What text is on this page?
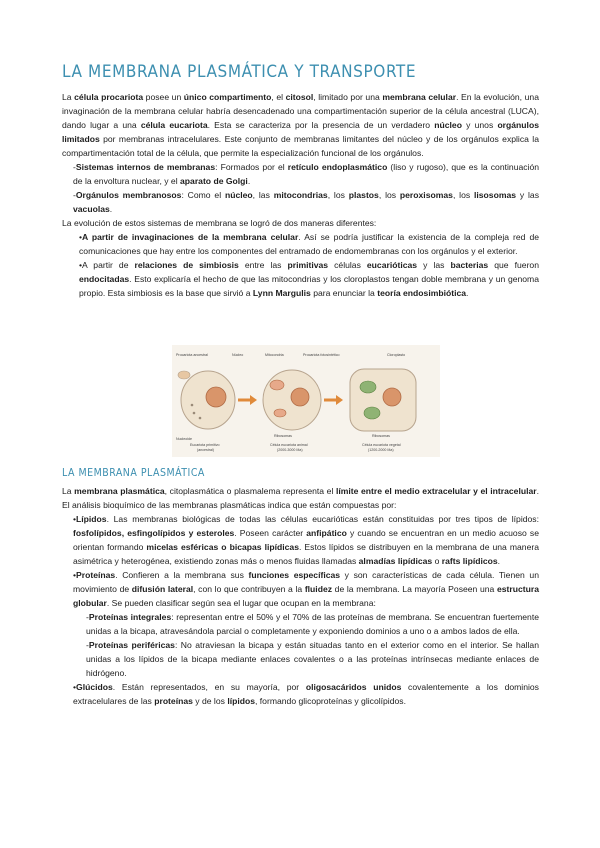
LA MEMBRANA PLASMÁTICA Y TRANSPORTE

La célula procariota posee un único compartimento, el citosol, limitado por una membrana celular. En la evolución, una invaginación de la membrana celular habría desencadenado una compartimentación superior de la célula ancestral (LUCA), dando lugar a una célula eucariota. Esta se caracteriza por la presencia de un verdadero núcleo y unos orgánulos limitados por membranas intracelulares. Este conjunto de membranas limitantes del núcleo y de los orgánulos explica la compartimentación total de la célula, que permite la especialización funcional de los orgánulos.

-Sistemas internos de membranas: Formados por el retículo endoplasmático (liso y rugoso), que es la continuación de la envoltura nuclear, y el aparato de Golgi.

-Orgánulos membranosos: Como el núcleo, las mitocondrias, los plastos, los peroxisomas, los lisosomas y las vacuolas.

La evolución de estos sistemas de membrana se logró de dos maneras diferentes:

•A partir de invaginaciones de la membrana celular. Así se podría justificar la existencia de la compleja red de comunicaciones que hay entre los componentes del entramado de endomembranas con los orgánulos y el exterior.

•A partir de relaciones de simbiosis entre las primitivas células eucarióticas y las bacterias que fueron endocitadas. Esto explicaría el hecho de que las mitocondrias y los cloroplastos tengan doble membrana y un genoma propio. Esta simbiosis es la base que sirvió a Lynn Margulis para enunciar la teoría endosimbiótica.

Procariota ancestral	Núcleo
Nucleoide
Eucariota primitivo
(ancestral)
Mitocondria	Procariota fotosintético
Ribosomas
Célula eucariota animal
(2000-3000 Ma)
Cloroplasto
Ribosomas
Célula eucariota vegetal
(1200-2000 Ma)
LA MEMBRANA PLASMÁTICA

La membrana plasmática, citoplasmática o plasmalema representa el límite entre el medio extracelular y el intracelular. El análisis bioquímico de las membranas plasmáticas indica que están compuestas por:

•Lípidos. Las membranas biológicas de todas las células eucarióticas están constituidas por tres tipos de lípidos: fosfolípidos, esfingolípidos y esteroles. Poseen carácter anfipático y cuando se encuentran en un medio acuoso se orientan formando micelas esféricas o bicapas lipídicas. Estos lípidos se distribuyen en la membrana de una manera asimétrica y heterogénea, existiendo zonas más o menos fluidas llamadas almadías lipídicas o rafts lipídicos.

•Proteínas. Confieren a la membrana sus funciones específicas y son características de cada célula. Tienen un movimiento de difusión lateral, con lo que contribuyen a la fluidez de la membrana. La mayoría Poseen una estructura globular. Se pueden clasificar según sea el lugar que ocupan en la membrana:

-Proteínas integrales: representan entre el 50% y el 70% de las proteínas de membrana. Se encuentran fuertemente unidas a la bicapa, atravesándola parcial o completamente y exponiendo dominios a uno o a ambos lados de ella.

-Proteínas periféricas: No atraviesan la bicapa y están situadas tanto en el exterior como en el interior. Se hallan unidas a los lípidos de la bicapa mediante enlaces covalentes o a las proteínas intrínsecas mediante enlaces de hidrógeno.

•Glúcidos. Están representados, en su mayoría, por oligosacáridos unidos covalentemente a los dominios extracelulares de las proteínas y de los lípidos, formando glicoproteínas y glicolípidos.
